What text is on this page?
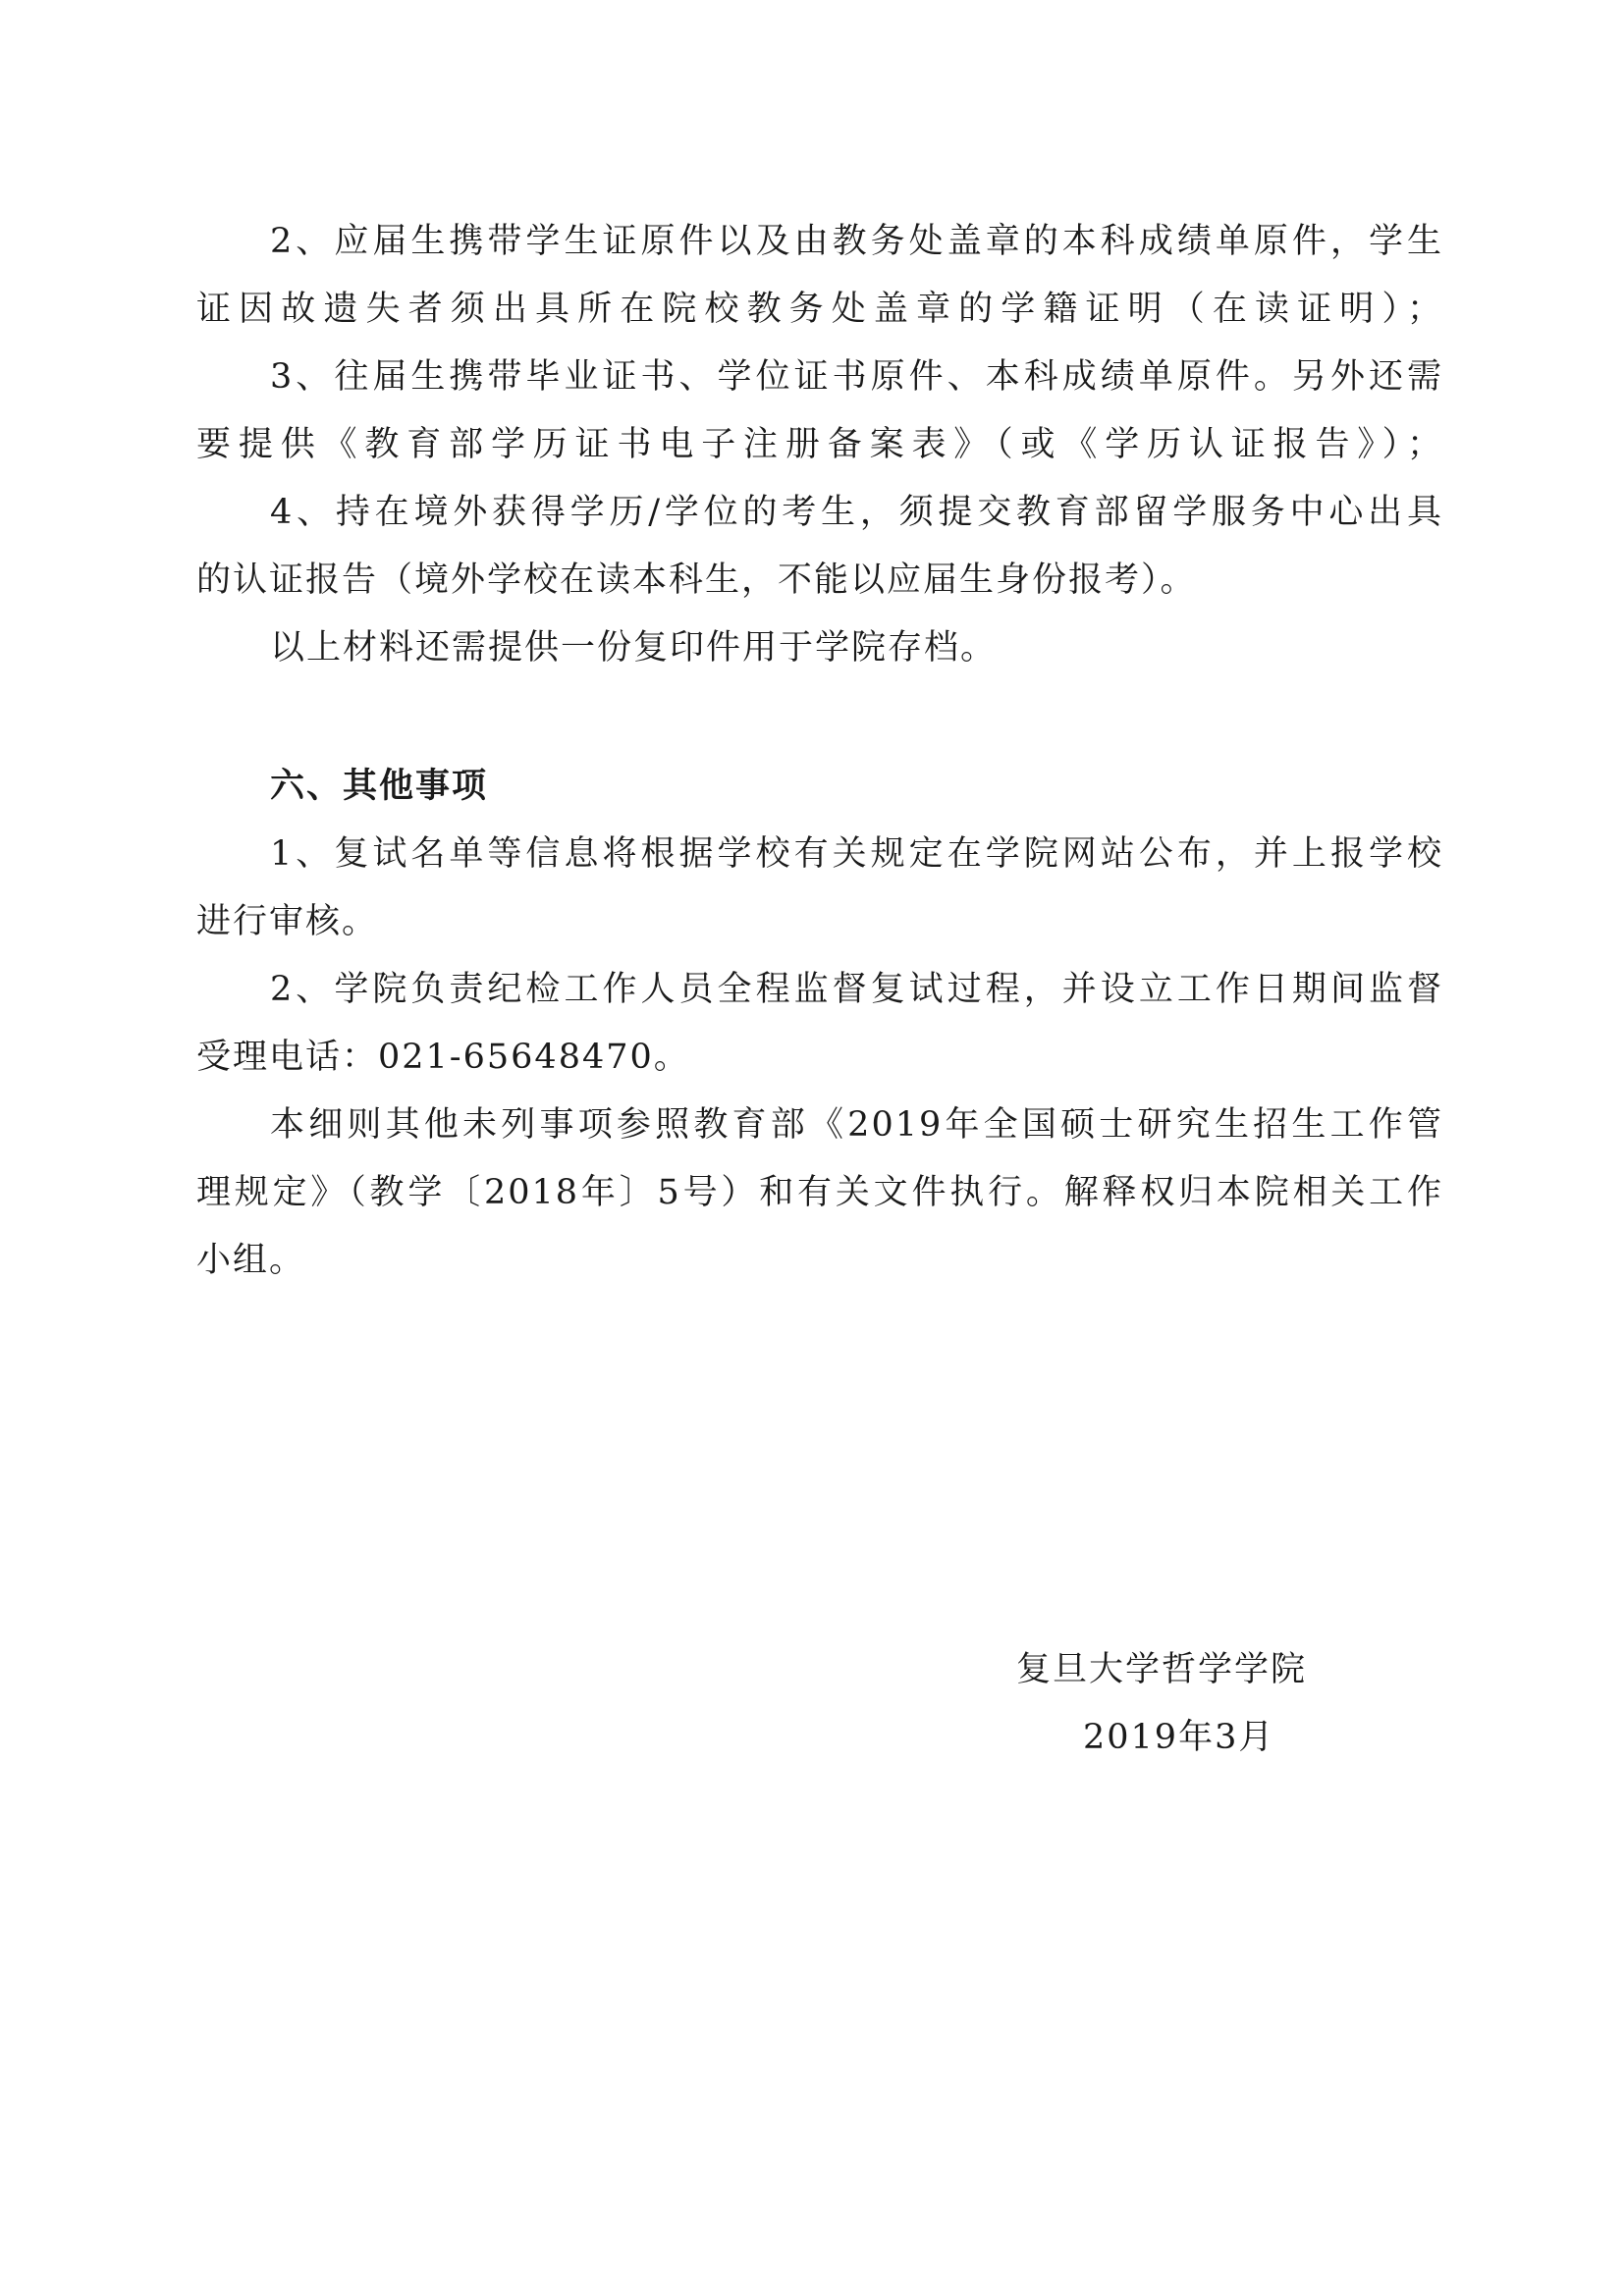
2、应届生携带学生证原件以及由教务处盖章的本科成绩单原件，学生
证因故遗失者须出具所在院校教务处盖章的学籍证明（在读证明）；
3、往届生携带毕业证书、学位证书原件、本科成绩单原件。另外还需
要提供《教育部学历证书电子注册备案表》（或《学历认证报告》）；
4、持在境外获得学历/学位的考生，须提交教育部留学服务中心出具
的认证报告（境外学校在读本科生，不能以应届生身份报考）。
以上材料还需提供一份复印件用于学院存档。
六、其他事项
1、复试名单等信息将根据学校有关规定在学院网站公布，并上报学校
进行审核。
2、学院负责纪检工作人员全程监督复试过程，并设立工作日期间监督
受理电话：021-65648470。
本细则其他未列事项参照教育部《2019年全国硕士研究生招生工作管
理规定》（教学〔2018年〕5号）和有关文件执行。解释权归本院相关工作
小组。
复旦大学哲学学院
2019年3月
